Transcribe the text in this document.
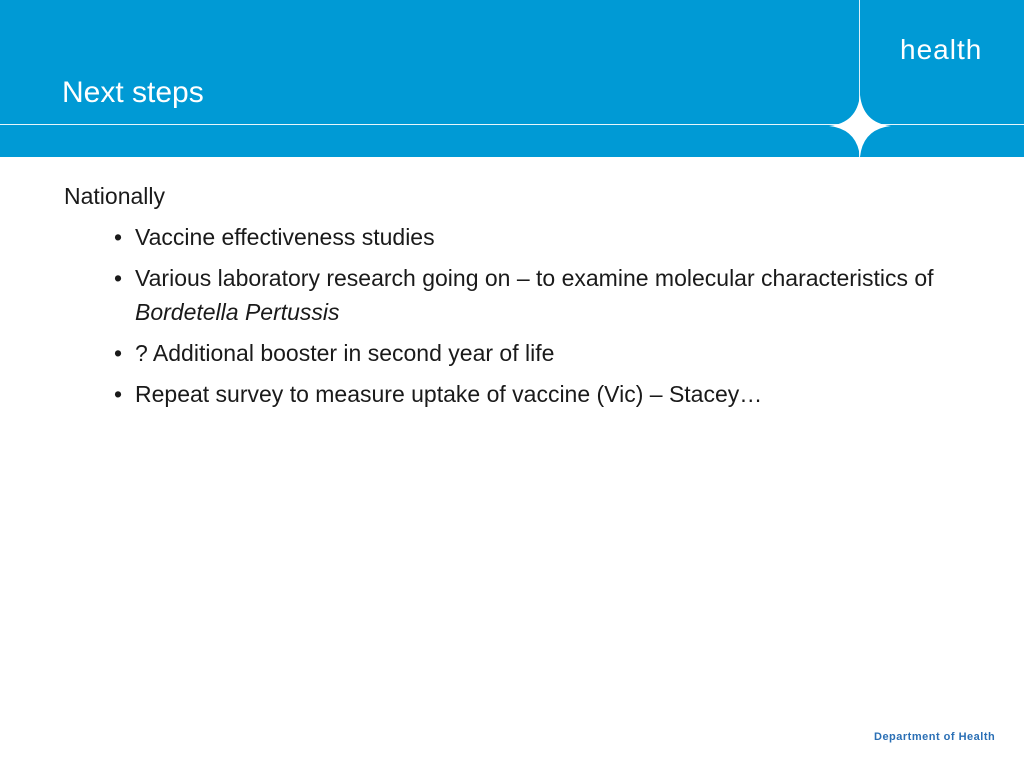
Next steps
health

Nationally

• Vaccine effectiveness studies
• Various laboratory research going on – to examine molecular characteristics of Bordetella Pertussis
• ? Additional booster in second year of life
• Repeat survey to measure uptake of vaccine (Vic) – Stacey…
Department of Health
